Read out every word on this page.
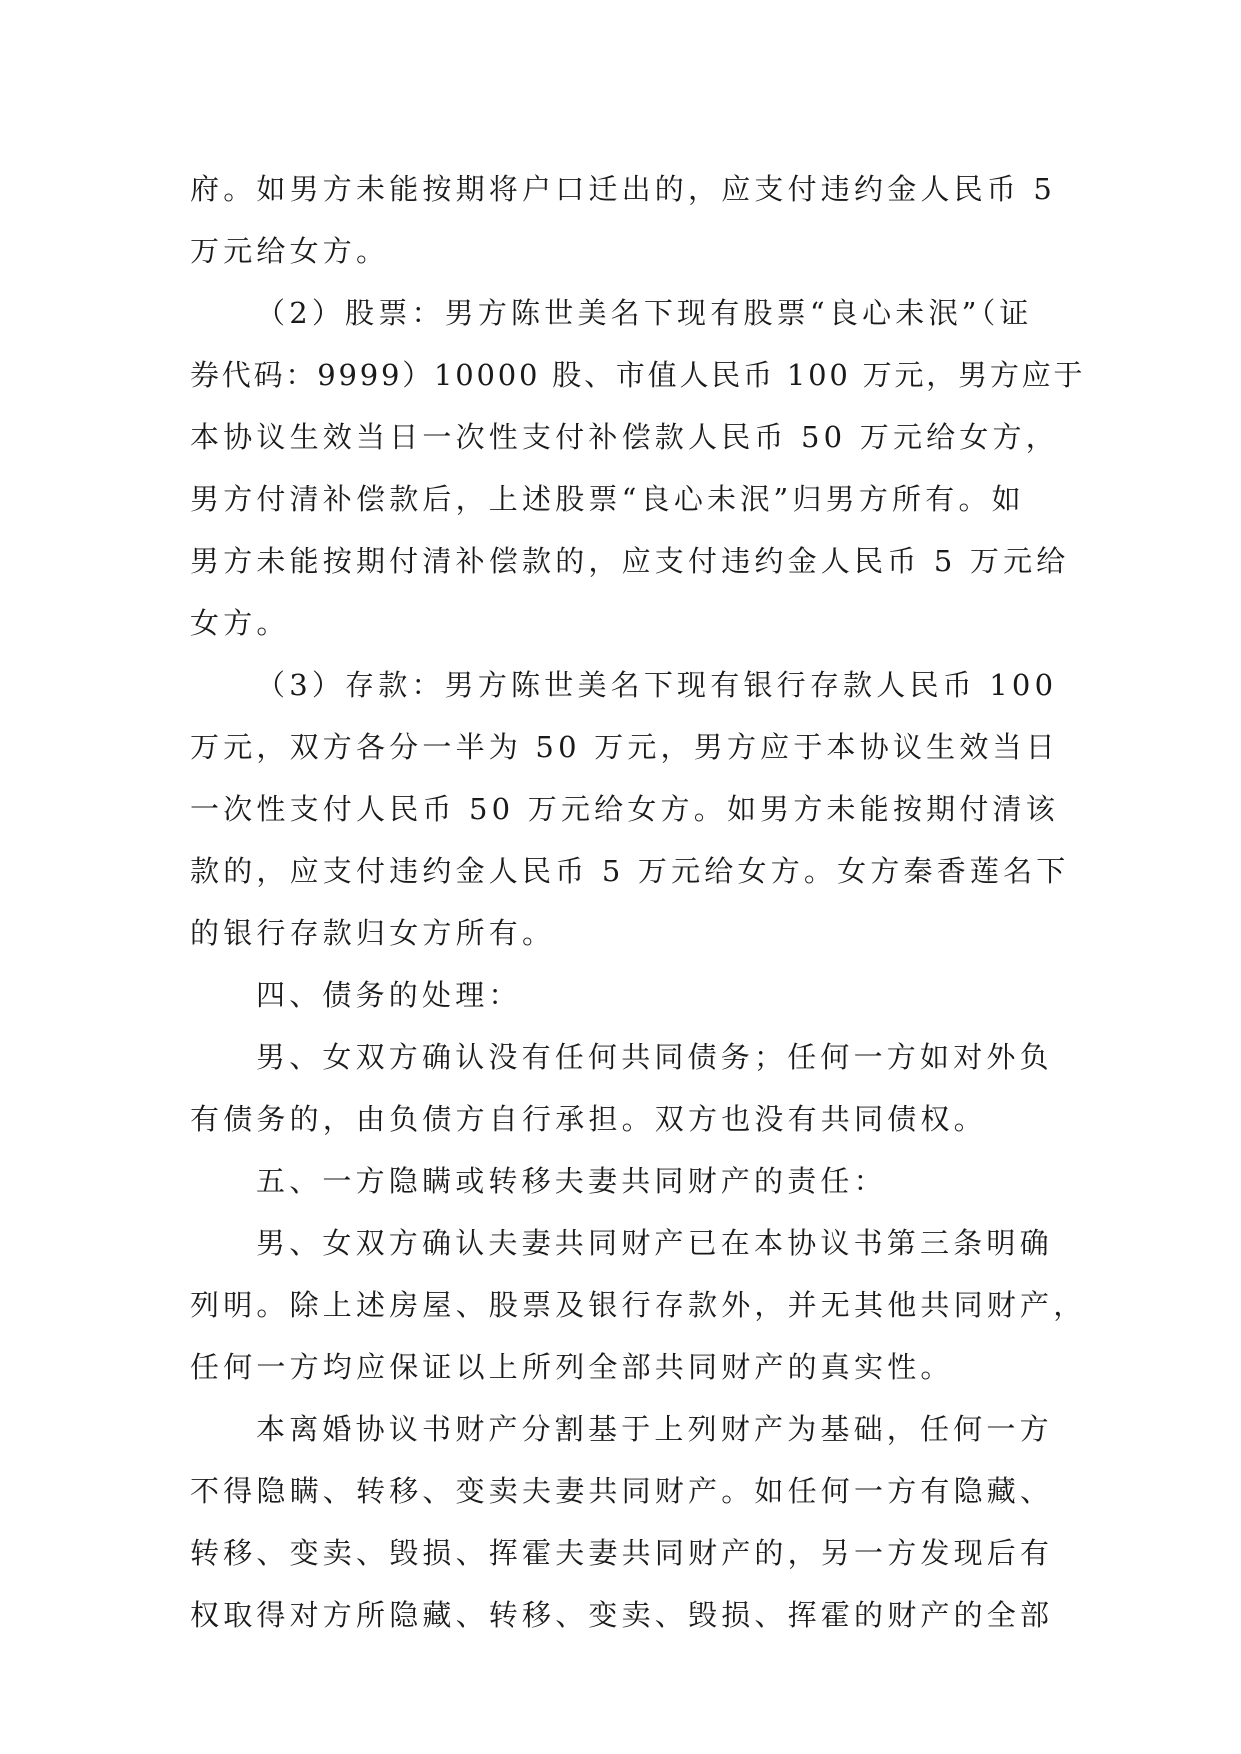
府。如男方未能按期将户口迁出的，应支付违约金人民币 5
万元给女方。
（2）股票：男方陈世美名下现有股票“良心未泯”（证
券代码：9999）10000 股、市值人民币 100 万元，男方应于
本协议生效当日一次性支付补偿款人民币 50 万元给女方，
男方付清补偿款后，上述股票“良心未泯”归男方所有。如
男方未能按期付清补偿款的，应支付违约金人民币 5 万元给
女方。
（3）存款：男方陈世美名下现有银行存款人民币 100
万元，双方各分一半为 50 万元，男方应于本协议生效当日
一次性支付人民币 50 万元给女方。如男方未能按期付清该
款的，应支付违约金人民币 5 万元给女方。女方秦香莲名下
的银行存款归女方所有。
四、债务的处理：
男、女双方确认没有任何共同债务；任何一方如对外负
有债务的，由负债方自行承担。双方也没有共同债权。
五、一方隐瞒或转移夫妻共同财产的责任：
男、女双方确认夫妻共同财产已在本协议书第三条明确
列明。除上述房屋、股票及银行存款外，并无其他共同财产，
任何一方均应保证以上所列全部共同财产的真实性。
本离婚协议书财产分割基于上列财产为基础，任何一方
不得隐瞒、转移、变卖夫妻共同财产。如任何一方有隐藏、
转移、变卖、毁损、挥霍夫妻共同财产的，另一方发现后有
权取得对方所隐藏、转移、变卖、毁损、挥霍的财产的全部
